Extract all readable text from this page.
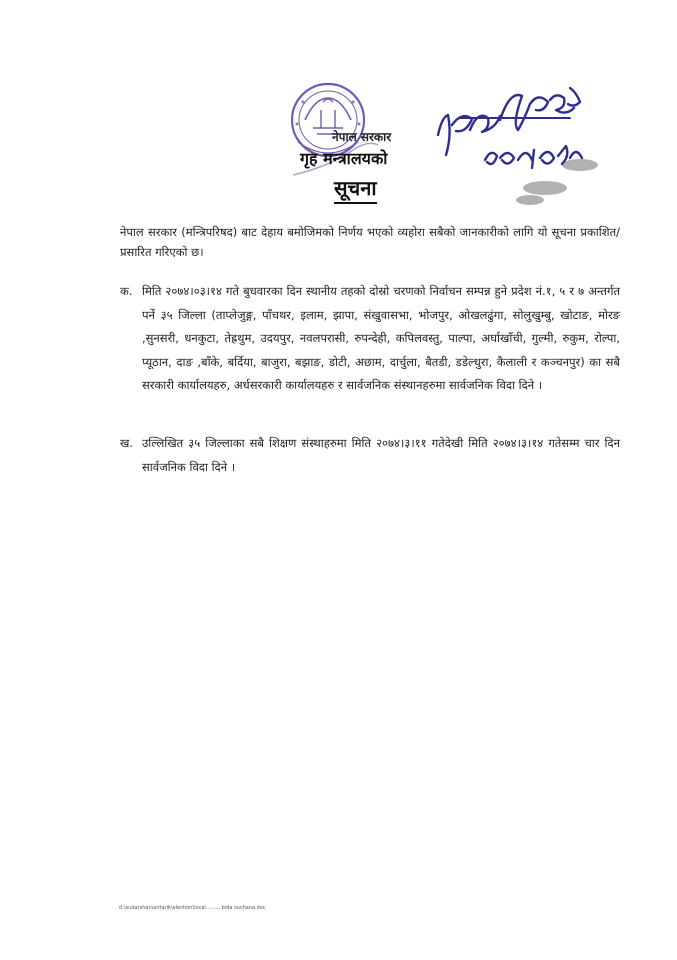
नेपाल सरकार
गृह मन्त्रालयको
सूचना
नेपाल सरकार (मन्त्रिपरिषद) बाट देहाय बमोजिमको निर्णय भएको व्यहोरा सबैको जानकारीको लागि यो सूचना प्रकाशित/प्रसारित गरिएको छ।
क. मिति २०७४।०३।१४ गते बुधवारका दिन स्थानीय तहको दोस्रो चरणको निर्वाचन सम्पन्न हुने प्रदेश नं.१, ५ र ७ अन्तर्गत पर्ने ३५ जिल्ला (ताप्लेजुङ्ग, पाँचथर, इलाम, झापा, संखुवासभा, भोजपुर, ओखलढुंगा, सोलुखुम्बु, खोटाङ, मोरङ ,सुनसरी, धनकुटा, तेह्रथुम, उदयपुर, नवलपरासी, रुपन्देही, कपिलवस्तु, पाल्पा, अर्घाखाँची, गुल्मी, रुकुम, रोल्पा, प्यूठान, दाङ ,बाँके, बर्दिया, बाजुरा, बझाङ, डोटी, अछाम, दार्चुला, बैतडी, डडेल्धुरा, कैलाली र कञ्चनपुर) का सबै सरकारी कार्यालयहरु, अर्धसरकारी कार्यालयहरु र सार्वजनिक संस्थानहरुमा सार्वजनिक विदा दिने ।
ख. उल्लिखित ३५ जिल्लाका सबै शिक्षण संस्थाहरुमा मिति २०७४।३।११ गतेदेखी मिति २०७४।३।१४ गतेसम्म चार दिन सार्वजनिक विदा दिने ।
d:\sudarshan\antarik\election\local ........ bida suchana.doc
